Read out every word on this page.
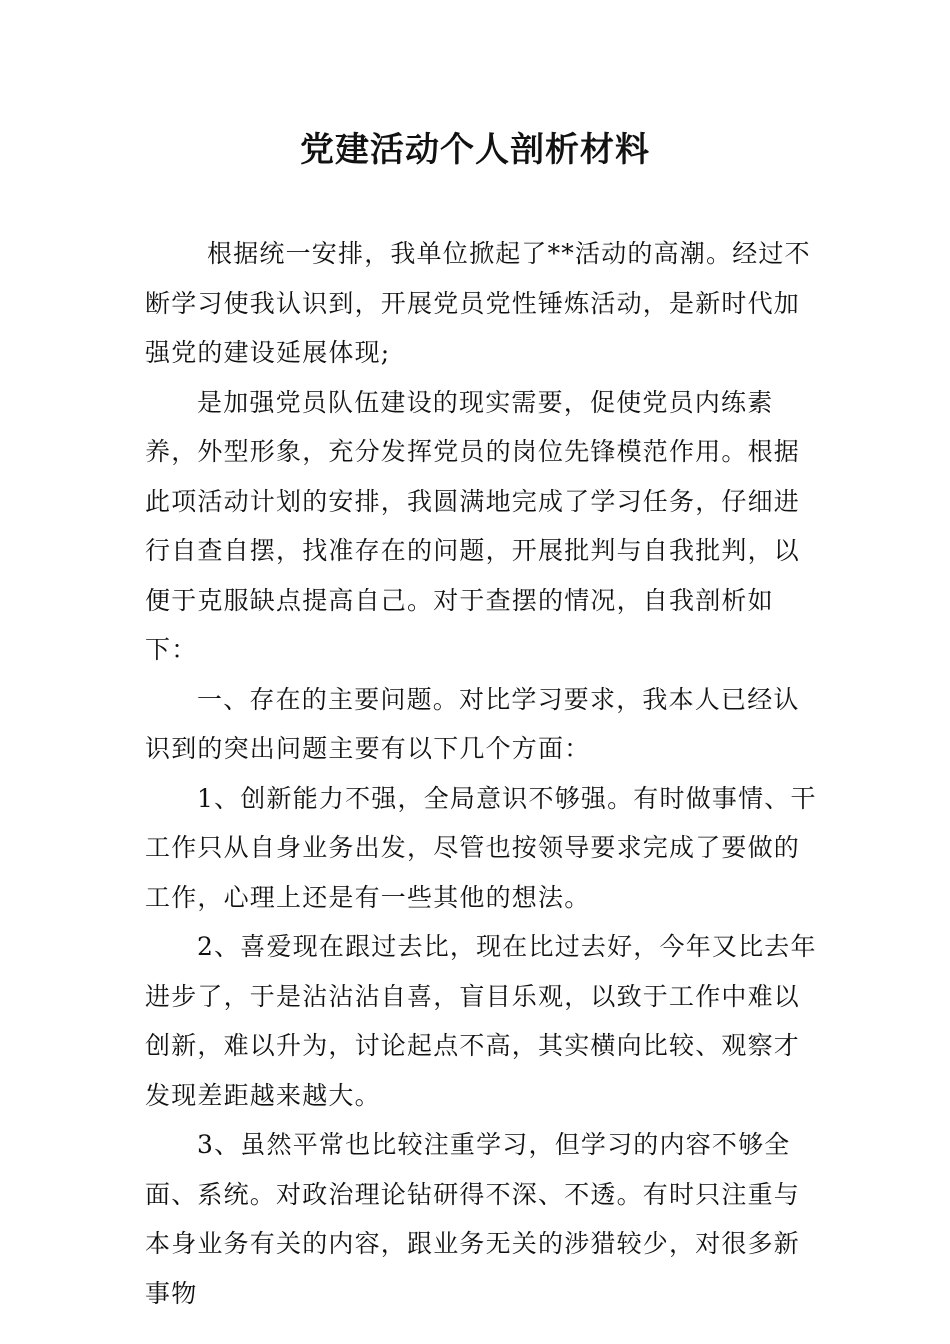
党建活动个人剖析材料

根据统一安排，我单位掀起了**活动的高潮。经过不断学习使我认识到，开展党员党性锤炼活动，是新时代加强党的建设延展体现;

是加强党员队伍建设的现实需要，促使党员内练素养，外型形象，充分发挥党员的岗位先锋模范作用。根据此项活动计划的安排，我圆满地完成了学习任务，仔细进行自查自摆，找准存在的问题，开展批判与自我批判，以便于克服缺点提高自己。对于查摆的情况，自我剖析如下：

一、存在的主要问题。对比学习要求，我本人已经认识到的突出问题主要有以下几个方面：

1、创新能力不强，全局意识不够强。有时做事情、干工作只从自身业务出发，尽管也按领导要求完成了要做的工作，心理上还是有一些其他的想法。

2、喜爱现在跟过去比，现在比过去好，今年又比去年进步了，于是沾沾沾自喜，盲目乐观，以致于工作中难以创新，难以升为，讨论起点不高，其实横向比较、观察才发现差距越来越大。

3、虽然平常也比较注重学习，但学习的内容不够全面、系统。对政治理论钻研得不深、不透。有时只注重与本身业务有关的内容，跟业务无关的涉猎较少，对很多新事物
